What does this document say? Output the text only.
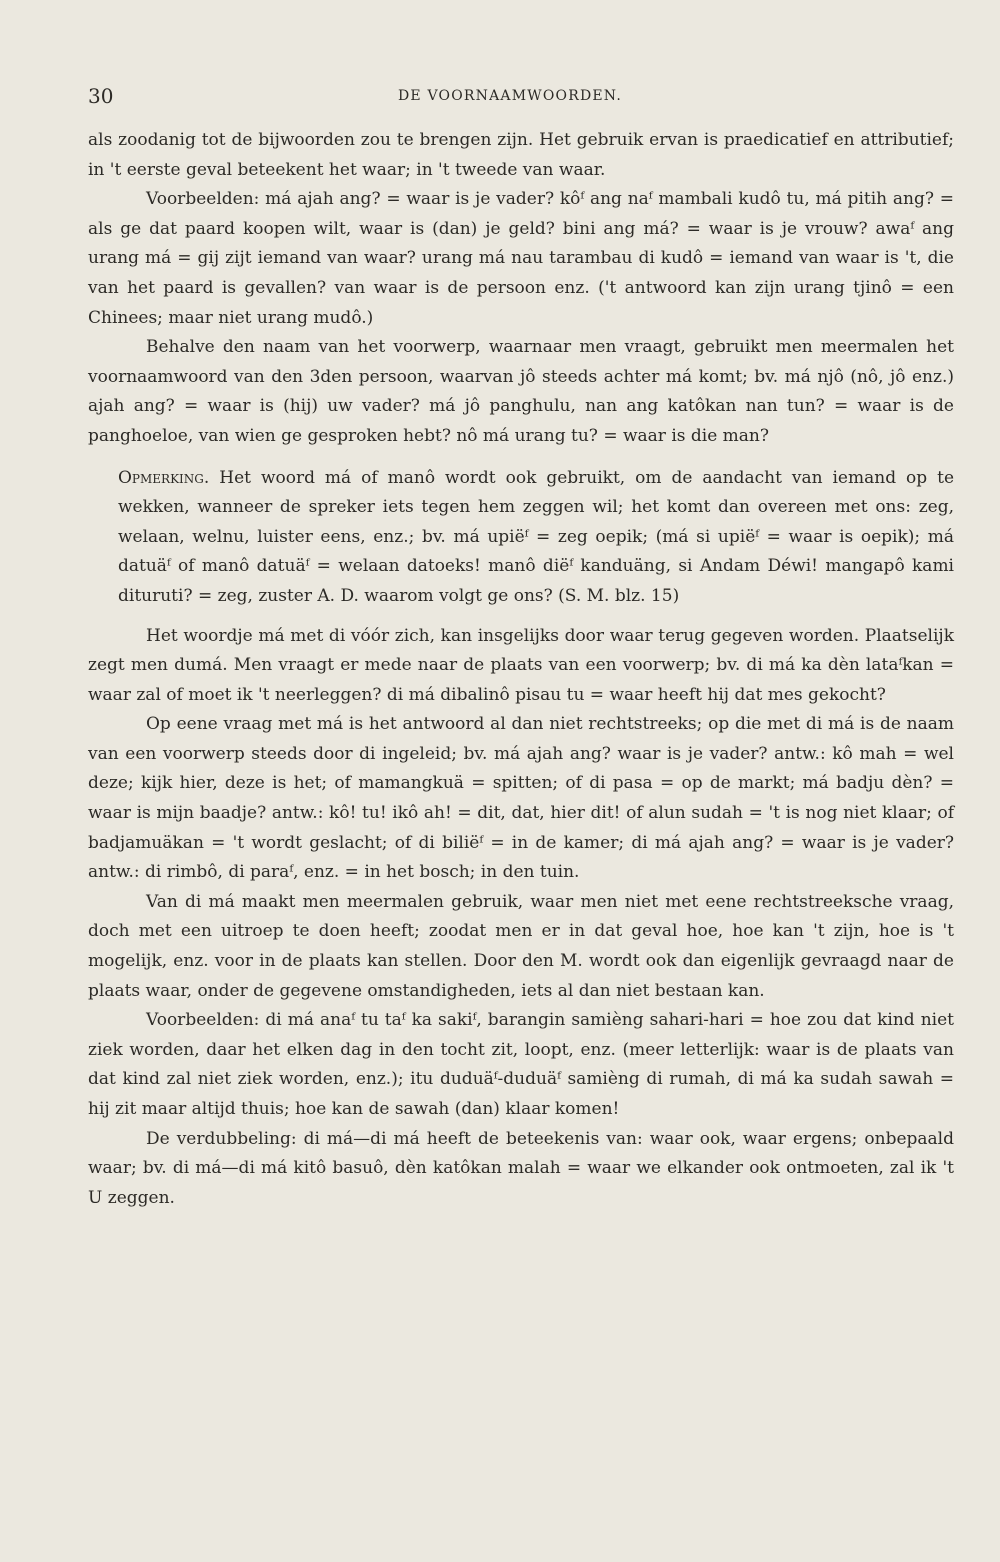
30	DE VOORNAAMWOORDEN.

als zoodanig tot de bijwoorden zou te brengen zijn. Het gebruik ervan is praedicatief en attributief; in 't eerste geval beteekent het waar; in 't tweede van waar.

Voorbeelden: má ajah ang? = waar is je vader? kôᶠ ang naᶠ mambali kudô tu, má pitih ang? = als ge dat paard koopen wilt, waar is (dan) je geld? bini ang má? = waar is je vrouw? awaᶠ ang urang má = gij zijt iemand van waar? urang má nau tarambau di kudô = iemand van waar is 't, die van het paard is gevallen? van waar is de persoon enz. ('t antwoord kan zijn urang tjinô = een Chinees; maar niet urang mudô.)

Behalve den naam van het voorwerp, waarnaar men vraagt, gebruikt men meermalen het voornaamwoord van den 3den persoon, waarvan jô steeds achter má komt; bv. má njô (nô, jô enz.) ajah ang? = waar is (hij) uw vader? má jô panghulu, nan ang katôkan nan tun? = waar is de panghoeloe, van wien ge gesproken hebt? nô má urang tu? = waar is die man?

Opmerking. Het woord má of manô wordt ook gebruikt, om de aandacht van iemand op te wekken, wanneer de spreker iets tegen hem zeggen wil; het komt dan overeen met ons: zeg, welaan, welnu, luister eens, enz.; bv. má upiëᶠ = zeg oepik; (má si upiëᶠ = waar is oepik); má datuäᶠ of manô datuäᶠ = welaan datoeks! manô diëᶠ kanduäng, si Andam Déwi! mangapô kami dituruti? = zeg, zuster A. D. waarom volgt ge ons? (S. M. blz. 15)

Het woordje má met di vóór zich, kan insgelijks door waar terug gegeven worden. Plaatselijk zegt men dumá. Men vraagt er mede naar de plaats van een voorwerp; bv. di má ka dèn lataᶠkan = waar zal of moet ik 't neerleggen? di má dibalinô pisau tu = waar heeft hij dat mes gekocht?

Op eene vraag met má is het antwoord al dan niet rechtstreeks; op die met di má is de naam van een voorwerp steeds door di ingeleid; bv. má ajah ang? waar is je vader? antw.: kô mah = wel deze; kijk hier, deze is het; of mamangkuä = spitten; of di pasa = op de markt; má badju dèn? = waar is mijn baadje? antw.: kô! tu! ikô ah! = dit, dat, hier dit! of alun sudah = 't is nog niet klaar; of badjamuäkan = 't wordt geslacht; of di biliëᶠ = in de kamer; di má ajah ang? = waar is je vader? antw.: di rimbô, di paraᶠ, enz. = in het bosch; in den tuin.

Van di má maakt men meermalen gebruik, waar men niet met eene rechtstreeksche vraag, doch met een uitroep te doen heeft; zoodat men er in dat geval hoe, hoe kan 't zijn, hoe is 't mogelijk, enz. voor in de plaats kan stellen. Door den M. wordt ook dan eigenlijk gevraagd naar de plaats waar, onder de gegevene omstandigheden, iets al dan niet bestaan kan.

Voorbeelden: di má anaᶠ tu taᶠ ka sakiᶠ, barangin samièng sahari-hari = hoe zou dat kind niet ziek worden, daar het elken dag in den tocht zit, loopt, enz. (meer letterlijk: waar is de plaats van dat kind zal niet ziek worden, enz.); itu duduäᶠ-duduäᶠ samièng di rumah, di má ka sudah sawah = hij zit maar altijd thuis; hoe kan de sawah (dan) klaar komen!

De verdubbeling: di má—di má heeft de beteekenis van: waar ook, waar ergens; onbepaald waar; bv. di má—di má kitô basuô, dèn katôkan malah = waar we elkander ook ontmoeten, zal ik 't U zeggen.
